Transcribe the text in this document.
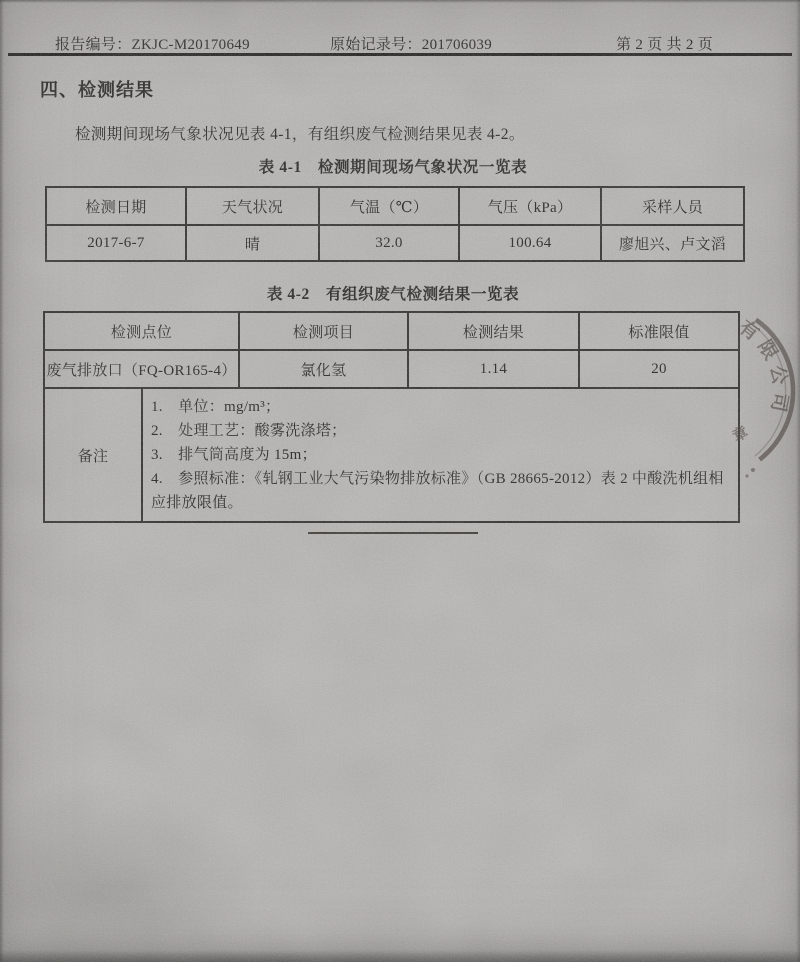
报告编号：ZKJC-M20170649	原始记录号：201706039	第 2 页 共 2 页
四、检测结果
检测期间现场气象状况见表 4-1，有组织废气检测结果见表 4-2。
表 4-1　检测期间现场气象状况一览表
检测日期	天气状况	气温（℃）	气压（kPa）	采样人员
2017-6-7	晴	32.0	100.64	廖旭兴、卢文滔
表 4-2　有组织废气检测结果一览表
检测点位		检测项目	检测结果	标准限值
废气排放口（FQ-OR165-4）		氯化氢	1.14	20
备注	1.　单位：mg/m³；
2.　处理工艺：酸雾洗涤塔；
3.　排气筒高度为 15m；
4.　参照标准：《轧钢工业大气污染物排放标准》（GB 28665-2012）表 2 中酸洗机组相应排放限值。			
有限公司
章
